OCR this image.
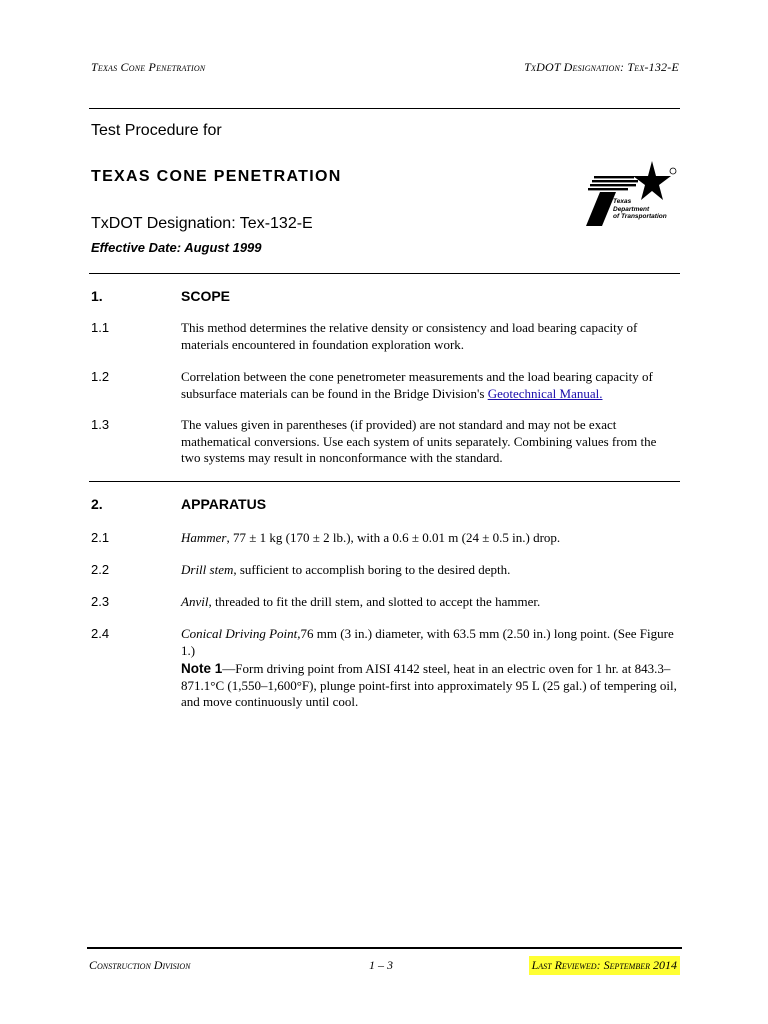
Texas Cone Penetration	TxDOT Designation: Tex-132-E
Test Procedure for
TEXAS CONE PENETRATION
TxDOT Designation: Tex-132-E
Effective Date: August 1999
Texas
Department
of Transportation
1.	SCOPE
1.1	This method determines the relative density or consistency and load bearing capacity of materials encountered in foundation exploration work.
1.2	Correlation between the cone penetrometer measurements and the load bearing capacity of subsurface materials can be found in the Bridge Division's Geotechnical Manual.
1.3	The values given in parentheses (if provided) are not standard and may not be exact mathematical conversions. Use each system of units separately. Combining values from the two systems may result in nonconformance with the standard.
2.	APPARATUS
2.1	Hammer, 77 ± 1 kg (170 ± 2 lb.), with a 0.6 ± 0.01 m (24 ± 0.5 in.) drop.
2.2	Drill stem, sufficient to accomplish boring to the desired depth.
2.3	Anvil, threaded to fit the drill stem, and slotted to accept the hammer.
2.4	Conical Driving Point,76 mm (3 in.) diameter, with 63.5 mm (2.50 in.) long point. (See Figure 1.)
Note 1—Form driving point from AISI 4142 steel, heat in an electric oven for 1 hr. at 843.3–871.1°C (1,550–1,600°F), plunge point-first into approximately 95 L (25 gal.) of tempering oil, and move continuously until cool.
Construction Division	1 – 3	Last Reviewed: September 2014
